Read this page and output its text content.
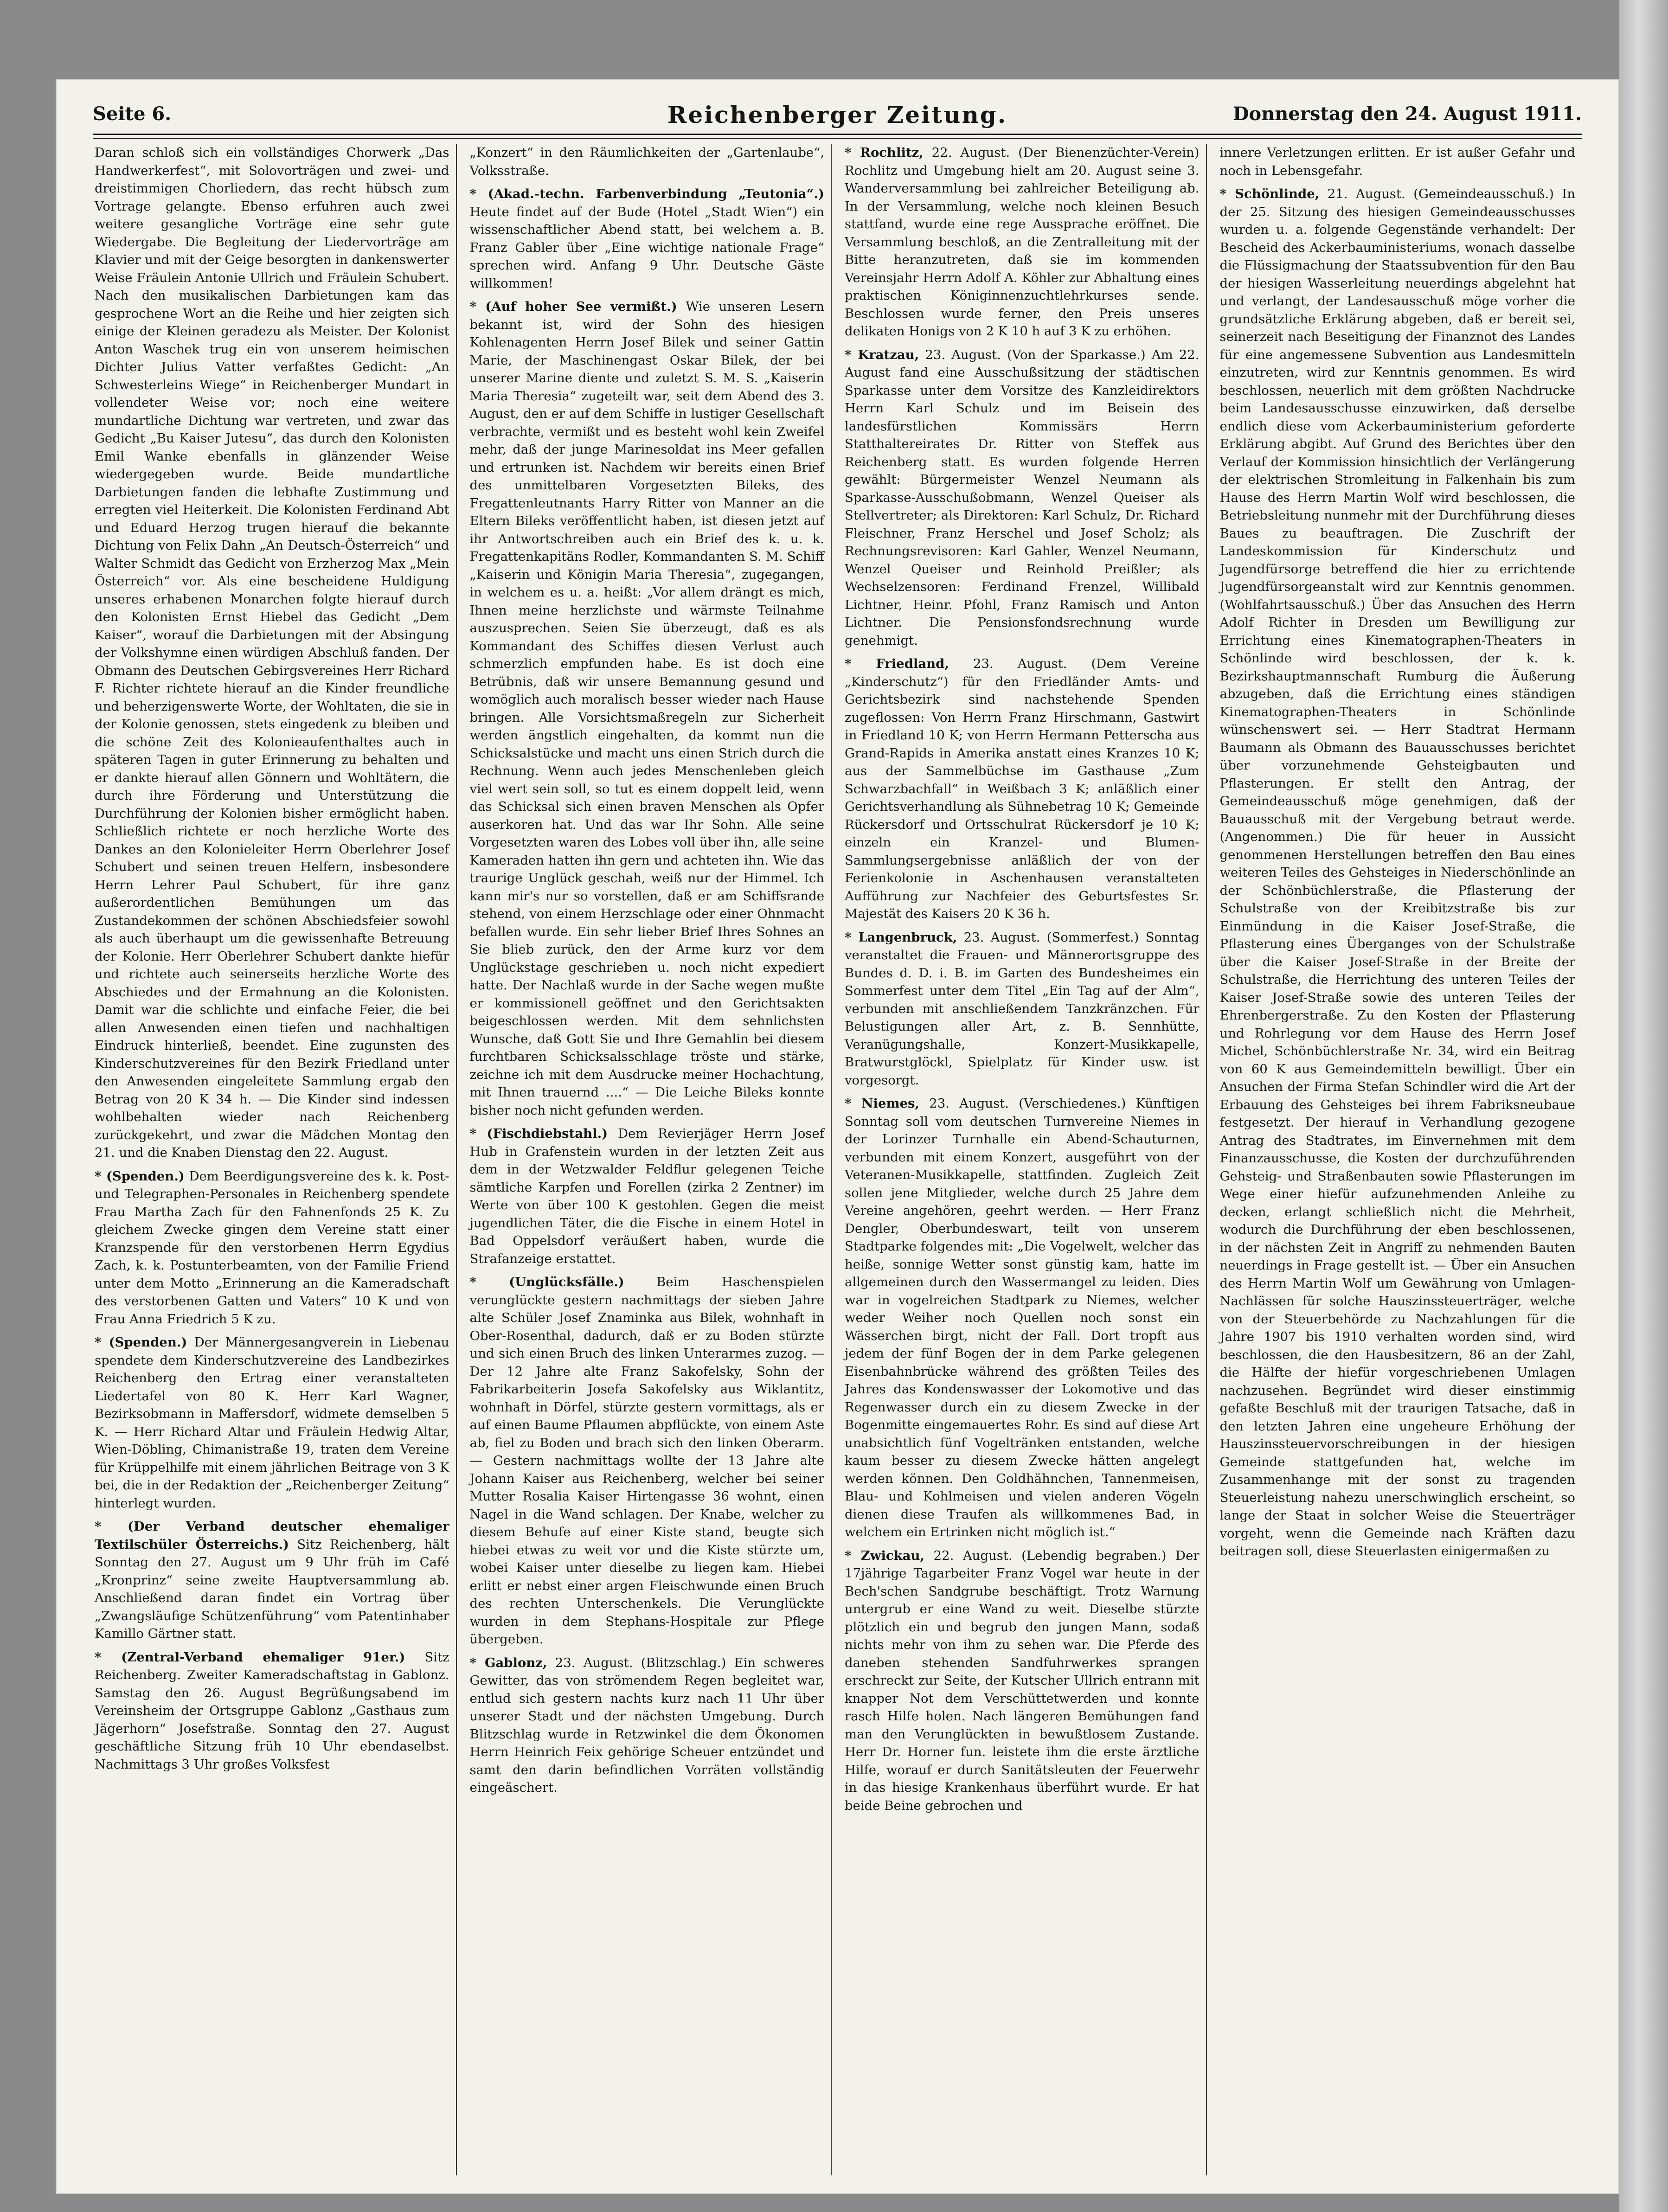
Seite 6.	Reichenberger Zeitung.	Donnerstag den 24. August 1911.

Daran schloß sich ein vollständiges Chorwerk „Das Handwerkerfest“, mit Solovorträgen und zwei- und dreistimmigen Chorliedern, das recht hübsch zum Vortrage gelangte. Ebenso erfuhren auch zwei weitere gesangliche Vorträge eine sehr gute Wiedergabe. Die Begleitung der Liedervorträge am Klavier und mit der Geige besorgten in dankenswerter Weise Fräulein Antonie Ullrich und Fräulein Schubert. Nach den musikalischen Darbietungen kam das gesprochene Wort an die Reihe und hier zeigten sich einige der Kleinen geradezu als Meister. Der Kolonist Anton Waschek trug ein von unserem heimischen Dichter Julius Vatter verfaßtes Gedicht: „An Schwesterleins Wiege“ in Reichenberger Mundart in vollendeter Weise vor; noch eine weitere mundartliche Dichtung war vertreten, und zwar das Gedicht „Bu Kaiser Jutesu“, das durch den Kolonisten Emil Wanke ebenfalls in glänzender Weise wiedergegeben wurde. Beide mundartliche Darbietungen fanden die lebhafte Zustimmung und erregten viel Heiterkeit. Die Kolonisten Ferdinand Abt und Eduard Herzog trugen hierauf die bekannte Dichtung von Felix Dahn „An Deutsch-Österreich“ und Walter Schmidt das Gedicht von Erzherzog Max „Mein Österreich“ vor. Als eine bescheidene Huldigung unseres erhabenen Monarchen folgte hierauf durch den Kolonisten Ernst Hiebel das Gedicht „Dem Kaiser“, worauf die Darbietungen mit der Absingung der Volkshymne einen würdigen Abschluß fanden. Der Obmann des Deutschen Gebirgsvereines Herr Richard F. Richter richtete hierauf an die Kinder freundliche und beherzigenswerte Worte, der Wohltaten, die sie in der Kolonie genossen, stets eingedenk zu bleiben und die schöne Zeit des Kolonieaufenthaltes auch in späteren Tagen in guter Erinnerung zu behalten und er dankte hierauf allen Gönnern und Wohltätern, die durch ihre Förderung und Unterstützung die Durchführung der Kolonien bisher ermöglicht haben. Schließlich richtete er noch herzliche Worte des Dankes an den Kolonieleiter Herrn Oberlehrer Josef Schubert und seinen treuen Helfern, insbesondere Herrn Lehrer Paul Schubert, für ihre ganz außerordentlichen Bemühungen um das Zustandekommen der schönen Abschiedsfeier sowohl als auch überhaupt um die gewissenhafte Betreuung der Kolonie. Herr Oberlehrer Schubert dankte hiefür und richtete auch seinerseits herzliche Worte des Abschiedes und der Ermahnung an die Kolonisten. Damit war die schlichte und einfache Feier, die bei allen Anwesenden einen tiefen und nachhaltigen Eindruck hinterließ, beendet. Eine zugunsten des Kinderschutzvereines für den Bezirk Friedland unter den Anwesenden eingeleitete Sammlung ergab den Betrag von 20 K 34 h. — Die Kinder sind indessen wohlbehalten wieder nach Reichenberg zurückgekehrt, und zwar die Mädchen Montag den 21. und die Knaben Dienstag den 22. August.

* (Spenden.) Dem Beerdigungsvereine des k. k. Post- und Telegraphen-Personales in Reichenberg spendete Frau Martha Zach für den Fahnenfonds 25 K. Zu gleichem Zwecke gingen dem Vereine statt einer Kranzspende für den verstorbenen Herrn Egydius Zach, k. k. Postunterbeamten, von der Familie Friend unter dem Motto „Erinnerung an die Kameradschaft des verstorbenen Gatten und Vaters“ 10 K und von Frau Anna Friedrich 5 K zu.

* (Spenden.) Der Männergesangverein in Liebenau spendete dem Kinderschutzvereine des Landbezirkes Reichenberg den Ertrag einer veranstalteten Liedertafel von 80 K. Herr Karl Wagner, Bezirksobmann in Maffersdorf, widmete demselben 5 K. — Herr Richard Altar und Fräulein Hedwig Altar, Wien-Döbling, Chimanistraße 19, traten dem Vereine für Krüppelhilfe mit einem jährlichen Beitrage von 3 K bei, die in der Redaktion der „Reichenberger Zeitung“ hinterlegt wurden.

* (Der Verband deutscher ehemaliger Textilschüler Österreichs.) Sitz Reichenberg, hält Sonntag den 27. August um 9 Uhr früh im Café „Kronprinz“ seine zweite Hauptversammlung ab. Anschließend daran findet ein Vortrag über „Zwangsläufige Schützenführung“ vom Patentinhaber Kamillo Gärtner statt.

* (Zentral-Verband ehemaliger 91er.) Sitz Reichenberg. Zweiter Kameradschaftstag in Gablonz. Samstag den 26. August Begrüßungsabend im Vereinsheim der Ortsgruppe Gablonz „Gasthaus zum Jägerhorn“ Josefstraße. Sonntag den 27. August geschäftliche Sitzung früh 10 Uhr ebendaselbst. Nachmittags 3 Uhr großes Volksfest

„Konzert“ in den Räumlichkeiten der „Gartenlaube“, Volksstraße.

* (Akad.-techn. Farbenverbindung „Teutonia“.) Heute findet auf der Bude (Hotel „Stadt Wien“) ein wissenschaftlicher Abend statt, bei welchem a. B. Franz Gabler über „Eine wichtige nationale Frage“ sprechen wird. Anfang 9 Uhr. Deutsche Gäste willkommen!

* (Auf hoher See vermißt.) Wie unseren Lesern bekannt ist, wird der Sohn des hiesigen Kohlenagenten Herrn Josef Bilek und seiner Gattin Marie, der Maschinengast Oskar Bilek, der bei unserer Marine diente und zuletzt S. M. S. „Kaiserin Maria Theresia“ zugeteilt war, seit dem Abend des 3. August, den er auf dem Schiffe in lustiger Gesellschaft verbrachte, vermißt und es besteht wohl kein Zweifel mehr, daß der junge Marinesoldat ins Meer gefallen und ertrunken ist. Nachdem wir bereits einen Brief des unmittelbaren Vorgesetzten Bileks, des Fregattenleutnants Harry Ritter von Manner an die Eltern Bileks veröffentlicht haben, ist diesen jetzt auf ihr Antwortschreiben auch ein Brief des k. u. k. Fregattenkapitäns Rodler, Kommandanten S. M. Schiff „Kaiserin und Königin Maria Theresia“, zugegangen, in welchem es u. a. heißt: „Vor allem drängt es mich, Ihnen meine herzlichste und wärmste Teilnahme auszusprechen. Seien Sie überzeugt, daß es als Kommandant des Schiffes diesen Verlust auch schmerzlich empfunden habe. Es ist doch eine Betrübnis, daß wir unsere Bemannung gesund und womöglich auch moralisch besser wieder nach Hause bringen. Alle Vorsichtsmaßregeln zur Sicherheit werden ängstlich eingehalten, da kommt nun die Schicksalstücke und macht uns einen Strich durch die Rechnung. Wenn auch jedes Menschenleben gleich viel wert sein soll, so tut es einem doppelt leid, wenn das Schicksal sich einen braven Menschen als Opfer auserkoren hat. Und das war Ihr Sohn. Alle seine Vorgesetzten waren des Lobes voll über ihn, alle seine Kameraden hatten ihn gern und achteten ihn. Wie das traurige Unglück geschah, weiß nur der Himmel. Ich kann mir's nur so vorstellen, daß er am Schiffsrande stehend, von einem Herzschlage oder einer Ohnmacht befallen wurde. Ein sehr lieber Brief Ihres Sohnes an Sie blieb zurück, den der Arme kurz vor dem Unglückstage geschrieben u. noch nicht expediert hatte. Der Nachlaß wurde in der Sache wegen mußte er kommissionell geöffnet und den Gerichtsakten beigeschlossen werden. Mit dem sehnlichsten Wunsche, daß Gott Sie und Ihre Gemahlin bei diesem furchtbaren Schicksalsschlage tröste und stärke, zeichne ich mit dem Ausdrucke meiner Hochachtung, mit Ihnen trauernd ....“ — Die Leiche Bileks konnte bisher noch nicht gefunden werden.

* (Fischdiebstahl.) Dem Revierjäger Herrn Josef Hub in Grafenstein wurden in der letzten Zeit aus dem in der Wetzwalder Feldflur gelegenen Teiche sämtliche Karpfen und Forellen (zirka 2 Zentner) im Werte von über 100 K gestohlen. Gegen die meist jugendlichen Täter, die die Fische in einem Hotel in Bad Oppelsdorf veräußert haben, wurde die Strafanzeige erstattet.

* (Unglücksfälle.)	Beim Haschenspielen verunglückte gestern nachmittags der sieben Jahre alte Schüler Josef Znaminka aus Bilek, wohnhaft in Ober-Rosenthal, dadurch, daß er zu Boden stürzte und sich einen Bruch des linken Unterarmes zuzog. — Der 12 Jahre alte Franz Sakofelsky, Sohn der Fabrikarbeiterin Josefa Sakofelsky aus Wiklantitz, wohnhaft in Dörfel, stürzte gestern vormittags, als er auf einen Baume Pflaumen abpflückte, von einem Aste ab, fiel zu Boden und brach sich den linken Oberarm. — Gestern nachmittags wollte der 13 Jahre alte Johann Kaiser aus Reichenberg, welcher bei seiner Mutter Rosalia Kaiser Hirtengasse 36 wohnt, einen Nagel in die Wand schlagen. Der Knabe, welcher zu diesem Behufe auf einer Kiste stand, beugte sich hiebei etwas zu weit vor und die Kiste stürzte um, wobei Kaiser unter dieselbe zu liegen kam. Hiebei erlitt er nebst einer argen Fleischwunde einen Bruch des rechten Unterschenkels. Die Verunglückte wurden in dem Stephans-Hospitale zur Pflege übergeben.

* Gablonz, 23. August. (Blitzschlag.) Ein schweres Gewitter, das von strömendem Regen begleitet war, entlud sich gestern nachts kurz nach 11 Uhr über unserer Stadt und der nächsten Umgebung. Durch Blitzschlag wurde in Retzwinkel die dem Ökonomen Herrn Heinrich Feix gehörige Scheuer entzündet und samt den darin befindlichen Vorräten vollständig eingeäschert.

* Rochlitz, 22. August. (Der Bienenzüchter-Verein) Rochlitz und Umgebung hielt am 20. August seine 3. Wanderversammlung bei zahlreicher Beteiligung ab. In der Versammlung, welche noch kleinen Besuch stattfand, wurde eine rege Aussprache eröffnet. Die Versammlung beschloß, an die Zentralleitung mit der Bitte heranzutreten, daß sie im kommenden Vereinsjahr Herrn Adolf A. Köhler zur Abhaltung eines praktischen Königinnenzuchtlehrkurses sende. Beschlossen wurde ferner, den Preis unseres delikaten Honigs von 2 K 10 h auf 3 K zu erhöhen.

* Kratzau, 23. August. (Von der Sparkasse.) Am 22. August fand eine Ausschußsitzung der städtischen Sparkasse unter dem Vorsitze des Kanzleidirektors Herrn Karl Schulz und im Beisein des landesfürstlichen Kommissärs Herrn Statthaltereirates Dr. Ritter von Steffek aus Reichenberg statt. Es wurden folgende Herren gewählt: Bürgermeister Wenzel Neumann als Sparkasse-Ausschußobmann, Wenzel Queiser als Stellvertreter; als Direktoren: Karl Schulz, Dr. Richard Fleischner, Franz Herschel und Josef Scholz; als Rechnungsrevisoren: Karl Gahler, Wenzel Neumann, Wenzel Queiser und Reinhold Preißler; als Wechselzensoren: Ferdinand Frenzel, Willibald Lichtner, Heinr. Pfohl, Franz Ramisch und Anton Lichtner. Die Pensionsfondsrechnung wurde genehmigt.

* Friedland, 23. August. (Dem Vereine „Kinderschutz“) für den Friedländer Amts- und Gerichtsbezirk sind nachstehende Spenden zugeflossen: Von Herrn Franz Hirschmann, Gastwirt in Friedland 10 K; von Herrn Hermann Petterscha aus Grand-Rapids in Amerika anstatt eines Kranzes 10 K; aus der Sammelbüchse im Gasthause „Zum Schwarzbachfall“ in Weißbach 3 K; anläßlich einer Gerichtsverhandlung als Sühnebetrag 10 K; Gemeinde Rückersdorf und Ortsschulrat Rückersdorf je 10 K; einzeln ein Kranzel- und Blumen-Sammlungsergebnisse anläßlich der von der Ferienkolonie in Aschenhausen veranstalteten Aufführung zur Nachfeier des Geburtsfestes Sr. Majestät des Kaisers 20 K 36 h.

* Langenbruck, 23. August. (Sommerfest.) Sonntag veranstaltet die Frauen- und Männerortsgruppe des Bundes d. D. i. B. im Garten des Bundesheimes ein Sommerfest unter dem Titel „Ein Tag auf der Alm“, verbunden mit anschließendem Tanzkränzchen. Für Belustigungen aller Art, z. B. Sennhütte, Veranügungshalle, Konzert-Musikkapelle, Bratwurstglöckl, Spielplatz für Kinder usw. ist vorgesorgt.

* Niemes, 23. August. (Verschiedenes.) Künftigen Sonntag soll vom deutschen Turnvereine Niemes in der Lorinzer Turnhalle ein Abend-Schauturnen, verbunden mit einem Konzert, ausgeführt von der Veteranen-Musikkapelle, stattfinden. Zugleich Zeit sollen jene Mitglieder, welche durch 25 Jahre dem Vereine angehören, geehrt werden. — Herr Franz Dengler, Oberbundeswart, teilt von unserem Stadtparke folgendes mit: „Die Vogelwelt, welcher das heiße, sonnige Wetter sonst günstig kam, hatte im allgemeinen durch den Wassermangel zu leiden. Dies war in vogelreichen Stadtpark zu Niemes, welcher weder Weiher noch Quellen noch sonst ein Wässerchen birgt, nicht der Fall. Dort tropft aus jedem der fünf Bogen der in dem Parke gelegenen Eisenbahnbrücke während des größten Teiles des Jahres das Kondenswasser der Lokomotive und das Regenwasser durch ein zu diesem Zwecke in der Bogenmitte eingemauertes Rohr. Es sind auf diese Art unabsichtlich fünf Vogeltränken entstanden, welche kaum besser zu diesem Zwecke hätten angelegt werden können. Den Goldhähnchen, Tannenmeisen, Blau- und Kohlmeisen und vielen anderen Vögeln dienen diese Traufen als willkommenes Bad, in welchem ein Ertrinken nicht möglich ist.“

* Zwickau, 22. August. (Lebendig begraben.) Der 17jährige Tagarbeiter Franz Vogel war heute in der Bech'schen Sandgrube beschäftigt. Trotz Warnung untergrub er eine Wand zu weit. Dieselbe stürzte plötzlich ein und begrub den jungen Mann, sodaß nichts mehr von ihm zu sehen war. Die Pferde des daneben stehenden Sandfuhrwerkes sprangen erschreckt zur Seite, der Kutscher Ullrich entrann mit knapper Not dem Verschüttetwerden und konnte rasch Hilfe holen. Nach längeren Bemühungen fand man den Verunglückten in bewußtlosem Zustande. Herr Dr. Horner fun. leistete ihm die erste ärztliche Hilfe, worauf er durch Sanitätsleuten der Feuerwehr in das hiesige Krankenhaus überführt wurde. Er hat beide Beine gebrochen und

innere Verletzungen erlitten. Er ist außer Gefahr und noch in Lebensgefahr.

* Schönlinde, 21. August. (Gemeindeausschuß.) In der 25. Sitzung des hiesigen Gemeindeausschusses wurden u. a. folgende Gegenstände verhandelt: Der Bescheid des Ackerbauministeriums, wonach dasselbe die Flüssigmachung der Staatssubvention für den Bau der hiesigen Wasserleitung neuerdings abgelehnt hat und verlangt, der Landesausschuß möge vorher die grundsätzliche Erklärung abgeben, daß er bereit sei, seinerzeit nach Beseitigung der Finanznot des Landes für eine angemessene Subvention aus Landesmitteln einzutreten, wird zur Kenntnis genommen. Es wird beschlossen, neuerlich mit dem größten Nachdrucke beim Landesausschusse einzuwirken, daß derselbe endlich diese vom Ackerbauministerium geforderte Erklärung abgibt. Auf Grund des Berichtes über den Verlauf der Kommission hinsichtlich der Verlängerung der elektrischen Stromleitung in Falkenhain bis zum Hause des Herrn Martin Wolf wird beschlossen, die Betriebsleitung nunmehr mit der Durchführung dieses Baues zu beauftragen. Die Zuschrift der Landeskommission für Kinderschutz und Jugendfürsorge betreffend die hier zu errichtende Jugendfürsorgeanstalt wird zur Kenntnis genommen. (Wohlfahrtsausschuß.) Über das Ansuchen des Herrn Adolf Richter in Dresden um Bewilligung zur Errichtung eines Kinematographen-Theaters in Schönlinde wird beschlossen, der k. k. Bezirkshauptmannschaft Rumburg die Äußerung abzugeben, daß die Errichtung eines ständigen Kinematographen-Theaters in Schönlinde wünschenswert sei. — Herr Stadtrat Hermann Baumann als Obmann des Bauausschusses berichtet über vorzunehmende Gehsteigbauten und Pflasterungen. Er stellt den Antrag, der Gemeindeausschuß möge genehmigen, daß der Bauausschuß mit der Vergebung betraut werde. (Angenommen.) Die für heuer in Aussicht genommenen Herstellungen betreffen den Bau eines weiteren Teiles des Gehsteiges in Niederschönlinde an der Schönbüchlerstraße, die Pflasterung der Schulstraße von der Kreibitzstraße bis zur Einmündung in die Kaiser Josef-Straße, die Pflasterung eines Überganges von der Schulstraße über die Kaiser Josef-Straße in der Breite der Schulstraße, die Herrichtung des unteren Teiles der Kaiser Josef-Straße sowie des unteren Teiles der Ehrenbergerstraße. Zu den Kosten der Pflasterung und Rohrlegung vor dem Hause des Herrn Josef Michel, Schönbüchlerstraße Nr. 34, wird ein Beitrag von 60 K aus Gemeindemitteln bewilligt. Über ein Ansuchen der Firma Stefan Schindler wird die Art der Erbauung des Gehsteiges bei ihrem Fabriksneubaue festgesetzt. Der hierauf in Verhandlung gezogene Antrag des Stadtrates, im Einvernehmen mit dem Finanzausschusse, die Kosten der durchzuführenden Gehsteig- und Straßenbauten sowie Pflasterungen im Wege einer hiefür aufzunehmenden Anleihe zu decken, erlangt schließlich nicht die Mehrheit, wodurch die Durchführung der eben beschlossenen, in der nächsten Zeit in Angriff zu nehmenden Bauten neuerdings in Frage gestellt ist. — Über ein Ansuchen des Herrn Martin Wolf um Gewährung von Umlagen-Nachlässen für solche Hauszinssteuerträger, welche von der Steuerbehörde zu Nachzahlungen für die Jahre 1907 bis 1910 verhalten worden sind, wird beschlossen, die den Hausbesitzern, 86 an der Zahl, die Hälfte der hiefür vorgeschriebenen Umlagen nachzusehen. Begründet wird dieser einstimmig gefaßte Beschluß mit der traurigen Tatsache, daß in den letzten Jahren eine ungeheure Erhöhung der Hauszinssteuervorschreibungen in der hiesigen Gemeinde stattgefunden hat, welche im Zusammenhange mit der sonst zu tragenden Steuerleistung nahezu unerschwinglich erscheint, so lange der Staat in solcher Weise die Steuerträger vorgeht, wenn die Gemeinde nach Kräften dazu beitragen soll, diese Steuerlasten einigermaßen zu
